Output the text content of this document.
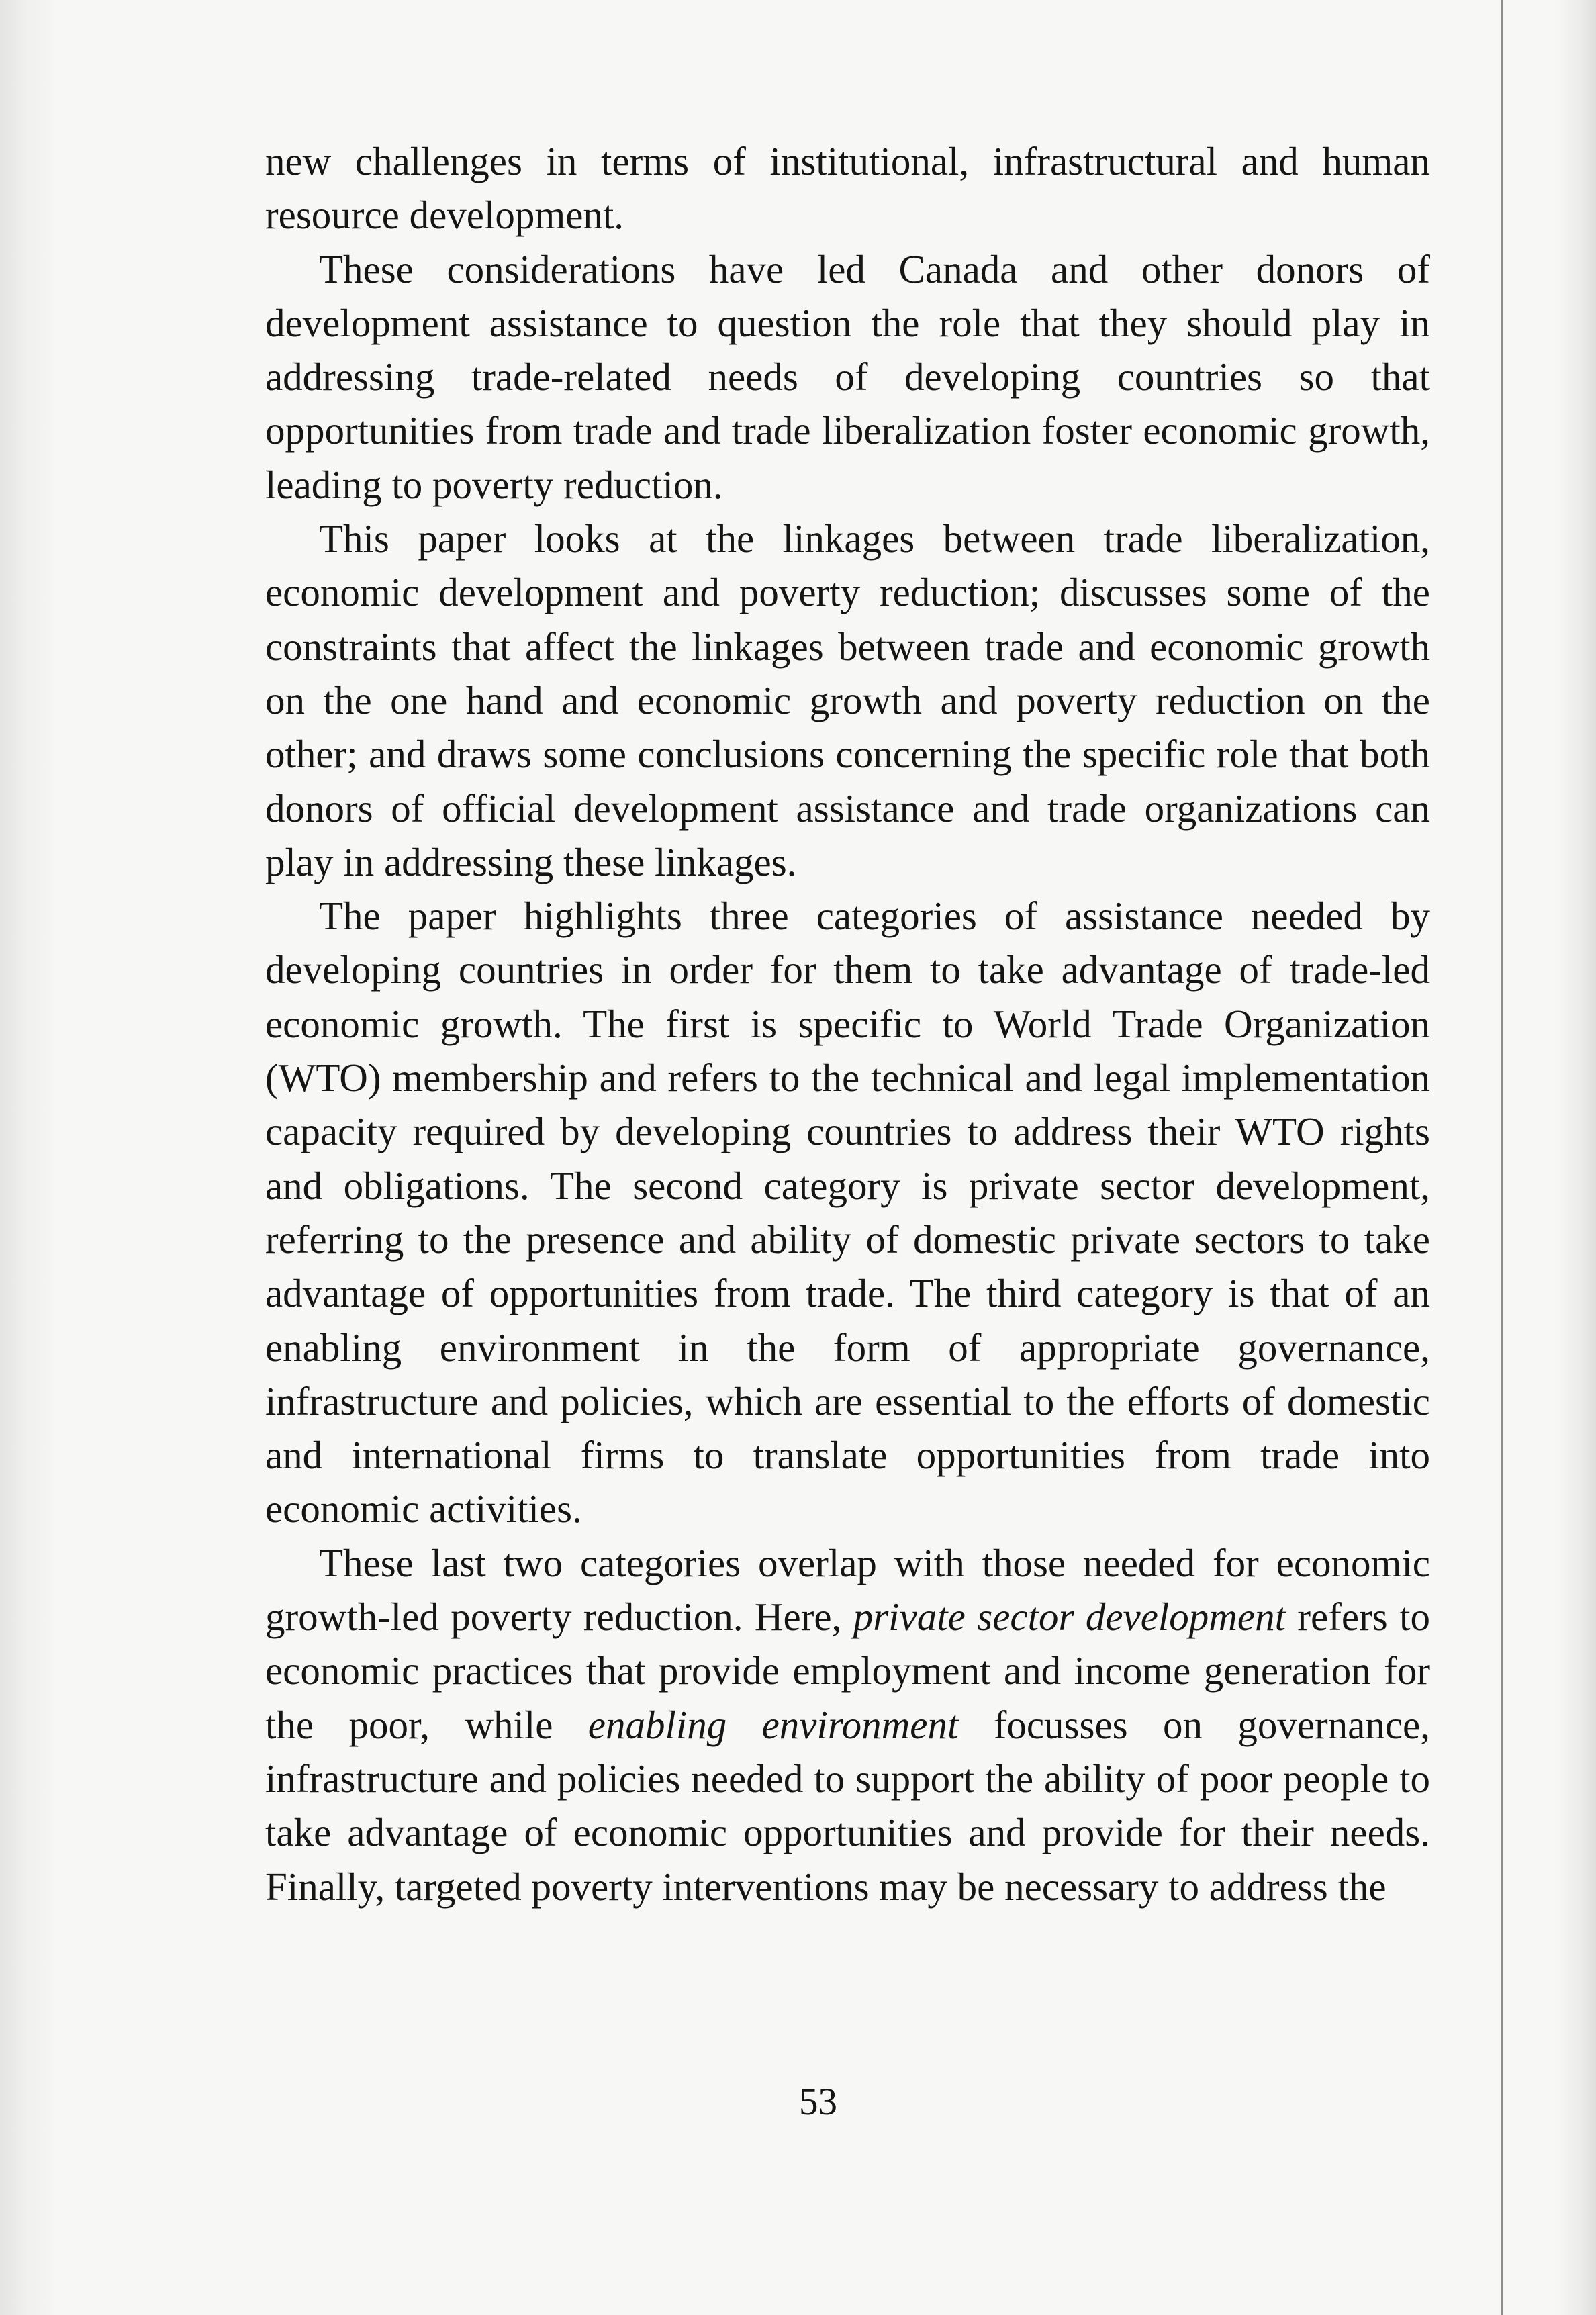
new challenges in terms of institutional, infrastructural and human resource development.

These considerations have led Canada and other donors of development assistance to question the role that they should play in addressing trade-related needs of developing countries so that opportunities from trade and trade liberalization foster economic growth, leading to poverty reduction.

This paper looks at the linkages between trade liberalization, economic development and poverty reduction; discusses some of the constraints that affect the linkages between trade and economic growth on the one hand and economic growth and poverty reduction on the other; and draws some conclusions concerning the specific role that both donors of official development assistance and trade organizations can play in addressing these linkages.

The paper highlights three categories of assistance needed by developing countries in order for them to take advantage of trade-led economic growth. The first is specific to World Trade Organization (WTO) membership and refers to the technical and legal implementation capacity required by developing countries to address their WTO rights and obligations. The second category is private sector development, referring to the presence and ability of domestic private sectors to take advantage of opportunities from trade. The third category is that of an enabling environment in the form of appropriate governance, infrastructure and policies, which are essential to the efforts of domestic and international firms to translate opportunities from trade into economic activities.

These last two categories overlap with those needed for economic growth-led poverty reduction. Here, private sector development refers to economic practices that provide employment and income generation for the poor, while enabling environment focusses on governance, infrastructure and policies needed to support the ability of poor people to take advantage of economic opportunities and provide for their needs. Finally, targeted poverty interventions may be necessary to address the

53
